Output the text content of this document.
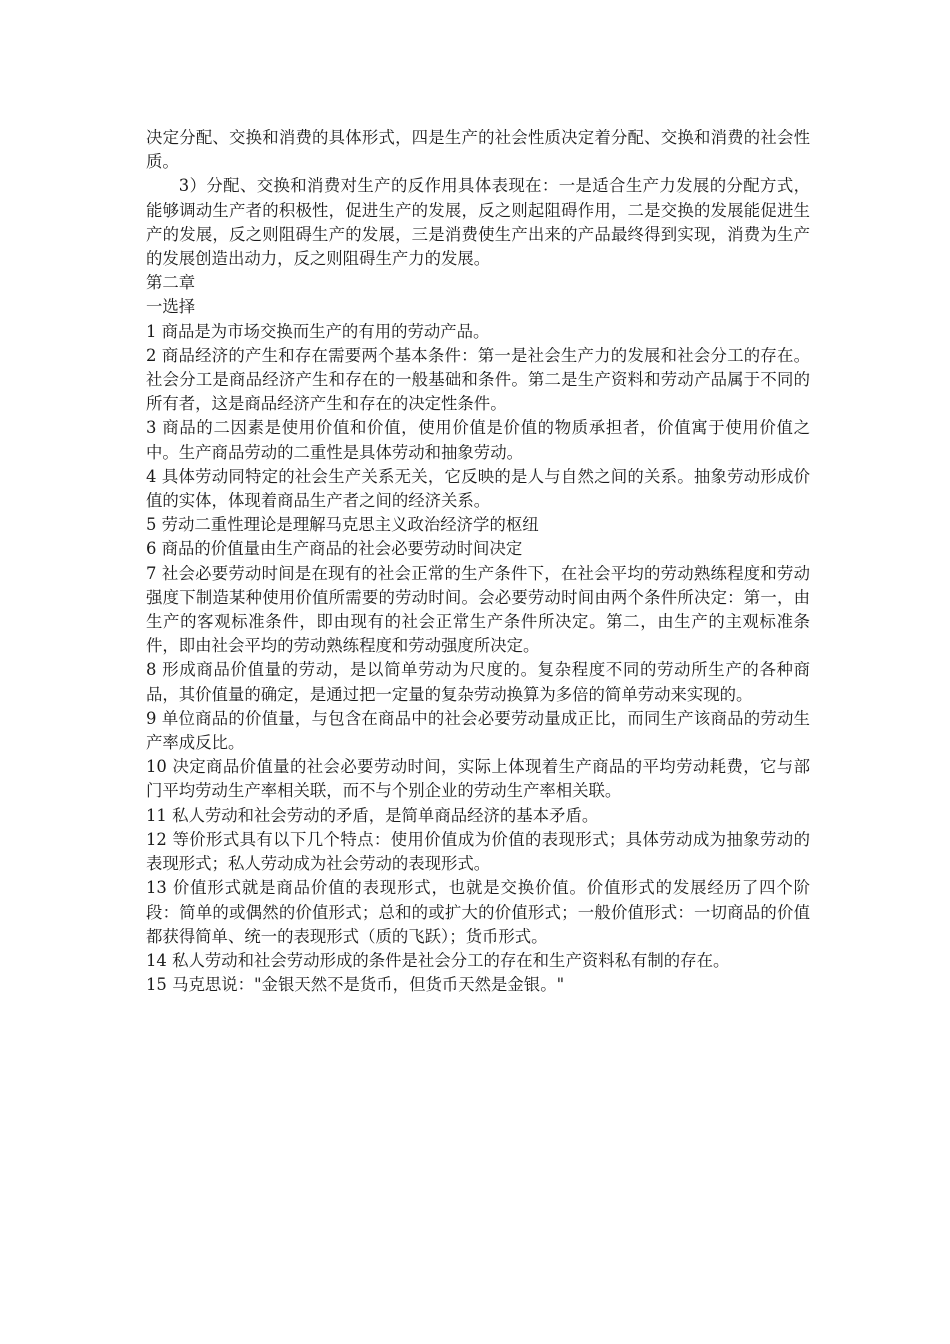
决定分配、交换和消费的具体形式，四是生产的社会性质决定着分配、交换和消费的社会性质。

3）分配、交换和消费对生产的反作用具体表现在：一是适合生产力发展的分配方式，能够调动生产者的积极性，促进生产的发展，反之则起阻碍作用，二是交换的发展能促进生产的发展，反之则阻碍生产的发展，三是消费使生产出来的产品最终得到实现，消费为生产的发展创造出动力，反之则阻碍生产力的发展。

第二章

一选择

1 商品是为市场交换而生产的有用的劳动产品。

2 商品经济的产生和存在需要两个基本条件：第一是社会生产力的发展和社会分工的存在。社会分工是商品经济产生和存在的一般基础和条件。第二是生产资料和劳动产品属于不同的所有者，这是商品经济产生和存在的决定性条件。

3 商品的二因素是使用价值和价值，使用价值是价值的物质承担者，价值寓于使用价值之中。生产商品劳动的二重性是具体劳动和抽象劳动。

4 具体劳动同特定的社会生产关系无关，它反映的是人与自然之间的关系。抽象劳动形成价值的实体，体现着商品生产者之间的经济关系。

5 劳动二重性理论是理解马克思主义政治经济学的枢纽

6 商品的价值量由生产商品的社会必要劳动时间决定

7 社会必要劳动时间是在现有的社会正常的生产条件下，在社会平均的劳动熟练程度和劳动强度下制造某种使用价值所需要的劳动时间。会必要劳动时间由两个条件所决定：第一，由生产的客观标准条件，即由现有的社会正常生产条件所决定。第二，由生产的主观标准条件，即由社会平均的劳动熟练程度和劳动强度所决定。

8 形成商品价值量的劳动，是以简单劳动为尺度的。复杂程度不同的劳动所生产的各种商品，其价值量的确定，是通过把一定量的复杂劳动换算为多倍的简单劳动来实现的。

9 单位商品的价值量，与包含在商品中的社会必要劳动量成正比，而同生产该商品的劳动生产率成反比。

10 决定商品价值量的社会必要劳动时间，实际上体现着生产商品的平均劳动耗费，它与部门平均劳动生产率相关联，而不与个别企业的劳动生产率相关联。

11 私人劳动和社会劳动的矛盾，是简单商品经济的基本矛盾。

12 等价形式具有以下几个特点：使用价值成为价值的表现形式；具体劳动成为抽象劳动的表现形式；私人劳动成为社会劳动的表现形式。

13 价值形式就是商品价值的表现形式，也就是交换价值。价值形式的发展经历了四个阶段：简单的或偶然的价值形式；总和的或扩大的价值形式；一般价值形式：一切商品的价值都获得简单、统一的表现形式（质的飞跃）；货币形式。

14 私人劳动和社会劳动形成的条件是社会分工的存在和生产资料私有制的存在。

15 马克思说："金银天然不是货币，但货币天然是金银。"
